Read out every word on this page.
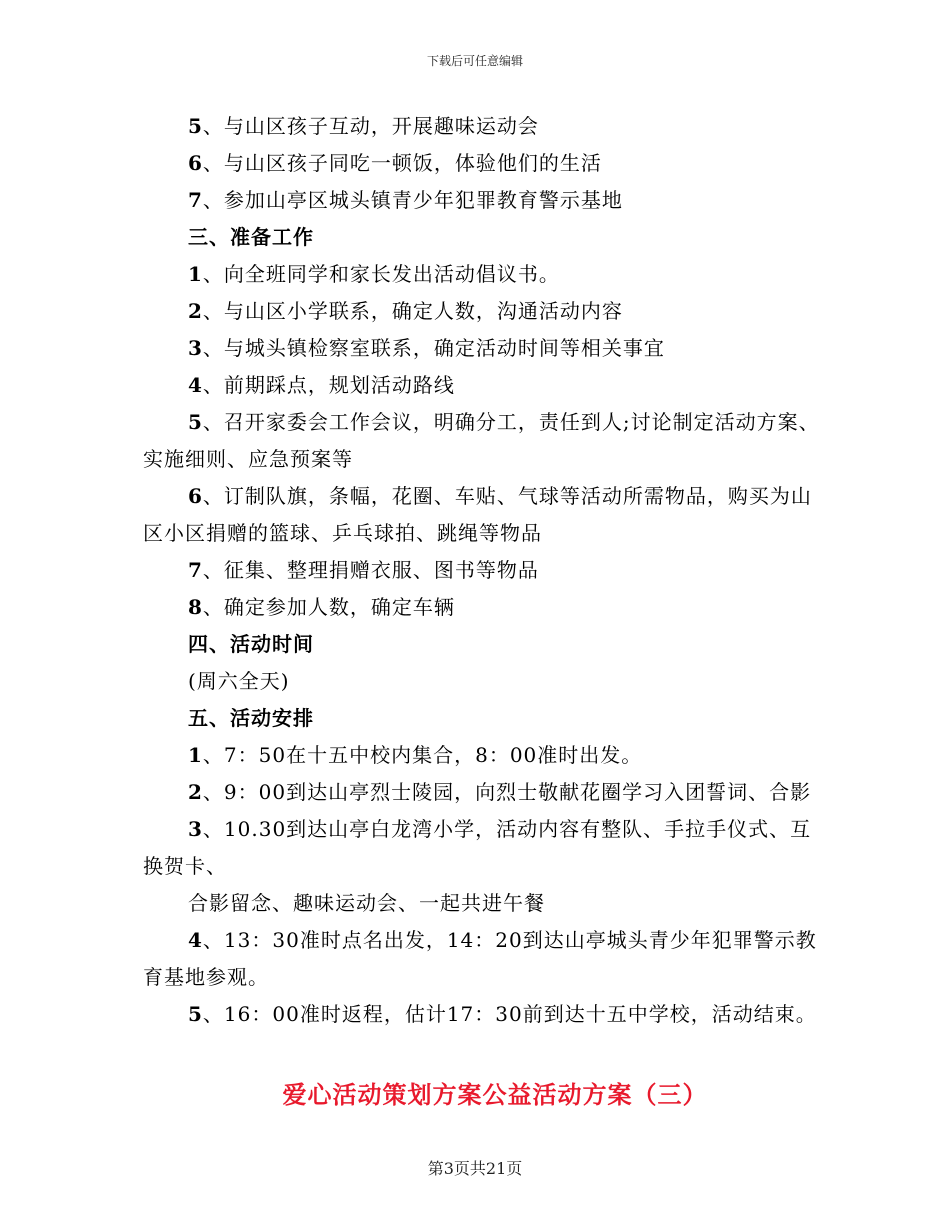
下载后可任意编辑
5、与山区孩子互动，开展趣味运动会
6、与山区孩子同吃一顿饭，体验他们的生活
7、参加山亭区城头镇青少年犯罪教育警示基地
三、准备工作
1、向全班同学和家长发出活动倡议书。
2、与山区小学联系，确定人数，沟通活动内容
3、与城头镇检察室联系，确定活动时间等相关事宜
4、前期踩点，规划活动路线
5、召开家委会工作会议，明确分工，责任到人;讨论制定活动方案、实施细则、应急预案等
6、订制队旗，条幅，花圈、车贴、气球等活动所需物品，购买为山区小区捐赠的篮球、乒乓球拍、跳绳等物品
7、征集、整理捐赠衣服、图书等物品
8、确定参加人数，确定车辆
四、活动时间
(周六全天)
五、活动安排
1、7：50在十五中校内集合，8：00准时出发。
2、9：00到达山亭烈士陵园，向烈士敬献花圈学习入团誓词、合影
3、10.30到达山亭白龙湾小学，活动内容有整队、手拉手仪式、互换贺卡、
合影留念、趣味运动会、一起共进午餐
4、13：30准时点名出发，14：20到达山亭城头青少年犯罪警示教育基地参观。
5、16：00准时返程，估计17：30前到达十五中学校，活动结束。
爱心活动策划方案公益活动方案（三）
第3页共21页
